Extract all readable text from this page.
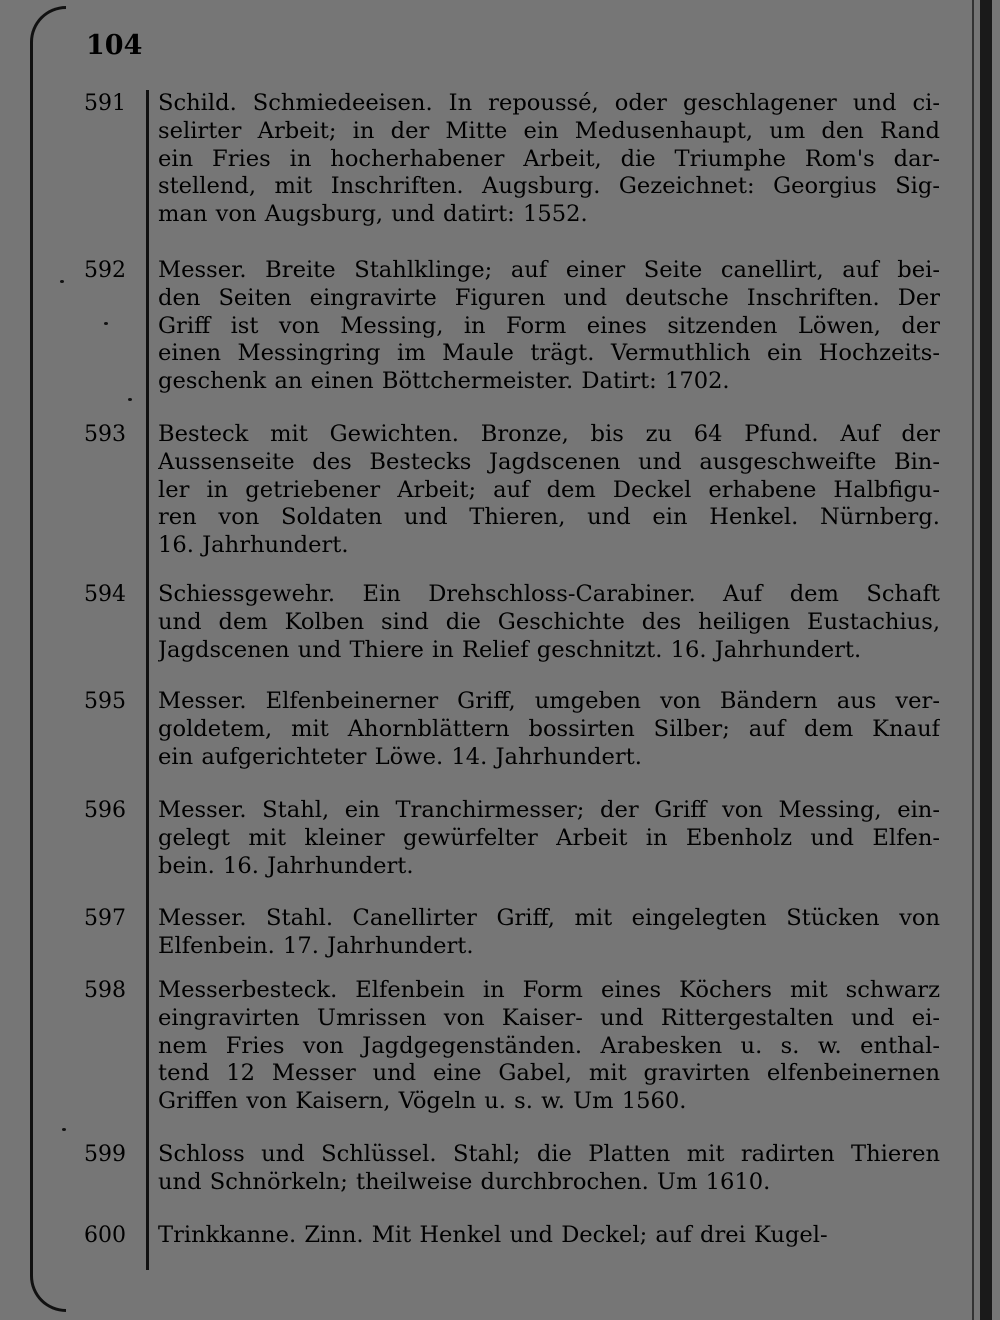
104
591 Schild. Schmiedeeisen. In repoussé, oder geschlagener und ci-
selirter Arbeit; in der Mitte ein Medusenhaupt, um den Rand
ein Fries in hocherhabener Arbeit, die Triumphe Rom's dar-
stellend, mit Inschriften. Augsburg. Gezeichnet: Georgius Sig-
man von Augsburg, und datirt: 1552.
592 Messer. Breite Stahlklinge; auf einer Seite canellirt, auf bei-
den Seiten eingravirte Figuren und deutsche Inschriften. Der
Griff ist von Messing, in Form eines sitzenden Löwen, der
einen Messingring im Maule trägt. Vermuthlich ein Hochzeits-
geschenk an einen Böttchermeister. Datirt: 1702.
593 Besteck mit Gewichten. Bronze, bis zu 64 Pfund. Auf der
Aussenseite des Bestecks Jagdscenen und ausgeschweifte Bin-
ler in getriebener Arbeit; auf dem Deckel erhabene Halbfigu-
ren von Soldaten und Thieren, und ein Henkel. Nürnberg.
16. Jahrhundert.
594 Schiessgewehr. Ein Drehschloss-Carabiner. Auf dem Schaft
und dem Kolben sind die Geschichte des heiligen Eustachius,
Jagdscenen und Thiere in Relief geschnitzt. 16. Jahrhundert.
595 Messer. Elfenbeinerner Griff, umgeben von Bändern aus ver-
goldetem, mit Ahornblättern bossirten Silber; auf dem Knauf
ein aufgerichteter Löwe. 14. Jahrhundert.
596 Messer. Stahl, ein Tranchirmesser; der Griff von Messing, ein-
gelegt mit kleiner gewürfelter Arbeit in Ebenholz und Elfen-
bein. 16. Jahrhundert.
597 Messer. Stahl. Canellirter Griff, mit eingelegten Stücken von
Elfenbein. 17. Jahrhundert.
598 Messerbesteck. Elfenbein in Form eines Köchers mit schwarz
eingravirten Umrissen von Kaiser- und Rittergestalten und ei-
nem Fries von Jagdgegenständen. Arabesken u. s. w. enthal-
tend 12 Messer und eine Gabel, mit gravirten elfenbeinernen
Griffen von Kaisern, Vögeln u. s. w. Um 1560.
599 Schloss und Schlüssel. Stahl; die Platten mit radirten Thieren
und Schnörkeln; theilweise durchbrochen. Um 1610.
600 Trinkkanne. Zinn. Mit Henkel und Deckel; auf drei Kugel-
